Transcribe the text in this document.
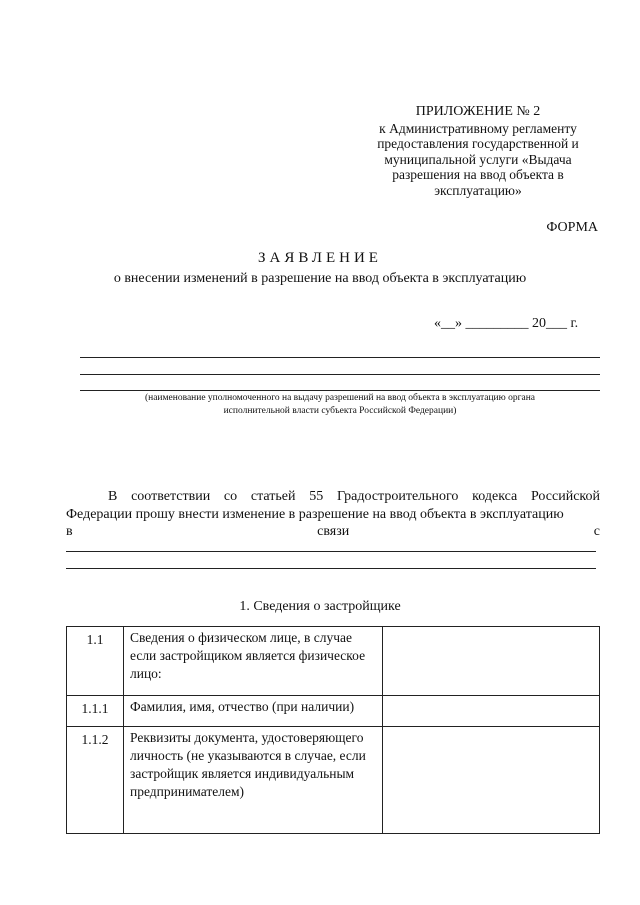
ПРИЛОЖЕНИЕ № 2
к Административному регламенту
предоставления государственной и
муниципальной услуги «Выдача
разрешения на ввод объекта в
эксплуатацию»
ФОРМА
ЗАЯВЛЕНИЕ
о внесении изменений в разрешение на ввод объекта в эксплуатацию
«__» _________ 20___ г.
(наименование уполномоченного на выдачу разрешений на ввод объекта в эксплуатацию органа
исполнительной власти субъекта Российской Федерации)
В соответствии со статьей 55 Градостроительного кодекса Российской
Федерации прошу внести изменение в разрешение на ввод объекта в эксплуатацию
в	связи	с
1. Сведения о застройщике
1.1	Сведения о физическом лице, в случае если застройщиком является физическое лицо:	
1.1.1	Фамилия, имя, отчество (при наличии)	
1.1.2	Реквизиты документа, удостоверяющего личность (не указываются в случае, если застройщик является индивидуальным предпринимателем)	
